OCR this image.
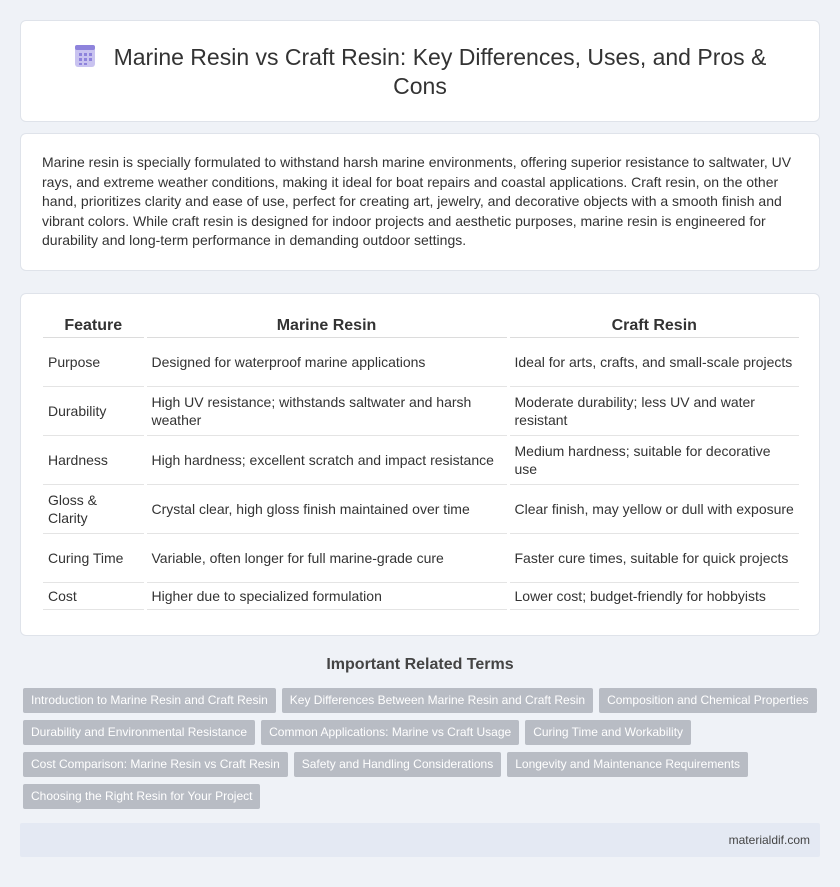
Marine Resin vs Craft Resin: Key Differences, Uses, and Pros & Cons

Marine resin is specially formulated to withstand harsh marine environments, offering superior resistance to saltwater, UV rays, and extreme weather conditions, making it ideal for boat repairs and coastal applications. Craft resin, on the other hand, prioritizes clarity and ease of use, perfect for creating art, jewelry, and decorative objects with a smooth finish and vibrant colors. While craft resin is designed for indoor projects and aesthetic purposes, marine resin is engineered for durability and long-term performance in demanding outdoor settings.

Feature	Marine Resin	Craft Resin
Purpose	Designed for waterproof marine applications	Ideal for arts, crafts, and small-scale projects
Durability	High UV resistance; withstands saltwater and harsh weather	Moderate durability; less UV and water resistant
Hardness	High hardness; excellent scratch and impact resistance	Medium hardness; suitable for decorative use
Gloss & Clarity	Crystal clear, high gloss finish maintained over time	Clear finish, may yellow or dull with exposure
Curing Time	Variable, often longer for full marine-grade cure	Faster cure times, suitable for quick projects
Cost	Higher due to specialized formulation	Lower cost; budget-friendly for hobbyists
Important Related Terms
Introduction to Marine Resin and Craft Resin Key Differences Between Marine Resin and Craft Resin Composition and Chemical Properties
Durability and Environmental Resistance Common Applications: Marine vs Craft Usage Curing Time and Workability
Cost Comparison: Marine Resin vs Craft Resin Safety and Handling Considerations Longevity and Maintenance Requirements
Choosing the Right Resin for Your Project
materialdif.com
